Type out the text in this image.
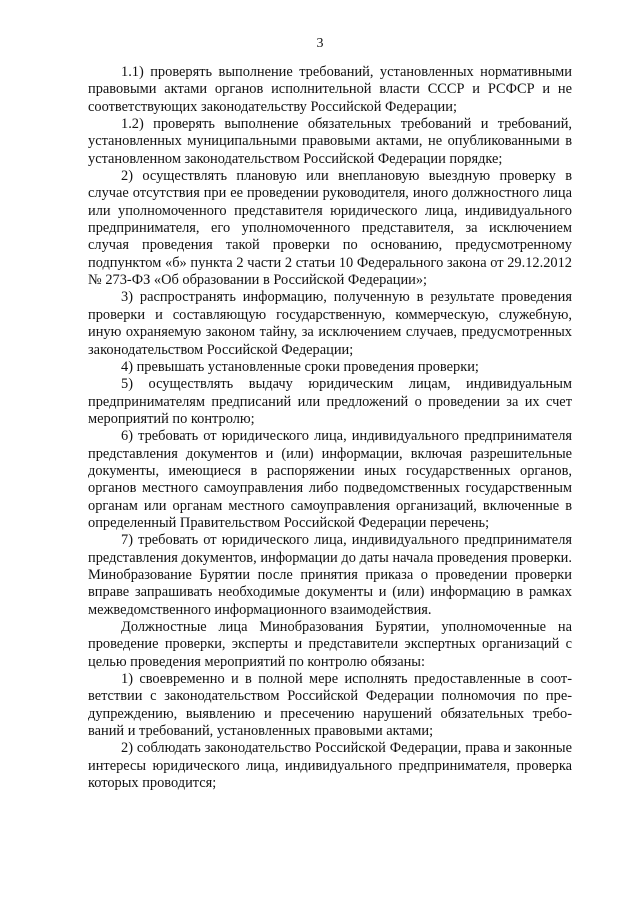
3

1.1) проверять выполнение требований, установленных нормативными правовыми актами органов исполнительной власти СССР и РСФСР и не соответствующих законодательству Российской Федерации;

1.2) проверять выполнение обязательных требований и требований, установленных муниципальными правовыми актами, не опубликованными в установленном законодательством Российской Федерации порядке;

2) осуществлять плановую или внеплановую выездную проверку в случае отсутствия при ее проведении руководителя, иного должностного лица или уполномоченного представителя юридического лица, индивидуального предпринимателя, его уполномоченного представителя, за исключением случая проведения такой проверки по основанию, предусмотренному подпунктом «б» пункта 2 части 2 статьи 10 Федерального закона от 29.12.2012 № 273-ФЗ «Об образовании в Российской Федерации»;

3) распространять информацию, полученную в результате проведения проверки и составляющую государственную, коммерческую, служебную, иную охраняемую законом тайну, за исключением случаев, предусмотренных законодательством Российской Федерации;

4) превышать установленные сроки проведения проверки;

5) осуществлять выдачу юридическим лицам, индивидуальным предпринимателям предписаний или предложений о проведении за их счет мероприятий по контролю;

6) требовать от юридического лица, индивидуального предпринимателя представления документов и (или) информации, включая разрешительные документы, имеющиеся в распоряжении иных государственных органов, органов местного самоуправления либо подведомственных государственным органам или органам местного самоуправления организаций, включенные в определенный Правительством Российской Федерации перечень;

7) требовать от юридического лица, индивидуального предпринимателя представления документов, информации до даты начала проведения проверки. Минобразование Бурятии после принятия приказа о проведении проверки вправе запрашивать необходимые документы и (или) информацию в рамках межведомственного информационного взаимодействия.

Должностные лица Минобразования Бурятии, уполномоченные на проведение проверки, эксперты и представители экспертных организаций с целью проведения мероприятий по контролю обязаны:

1) своевременно и в полной мере исполнять предоставленные в соответствии с законодательством Российской Федерации полномочия по предупреждению, выявлению и пресечению нарушений обязательных требований и требований, установленных правовыми актами;

2) соблюдать законодательство Российской Федерации, права и законные интересы юридического лица, индивидуального предпринимателя, проверка которых проводится;
